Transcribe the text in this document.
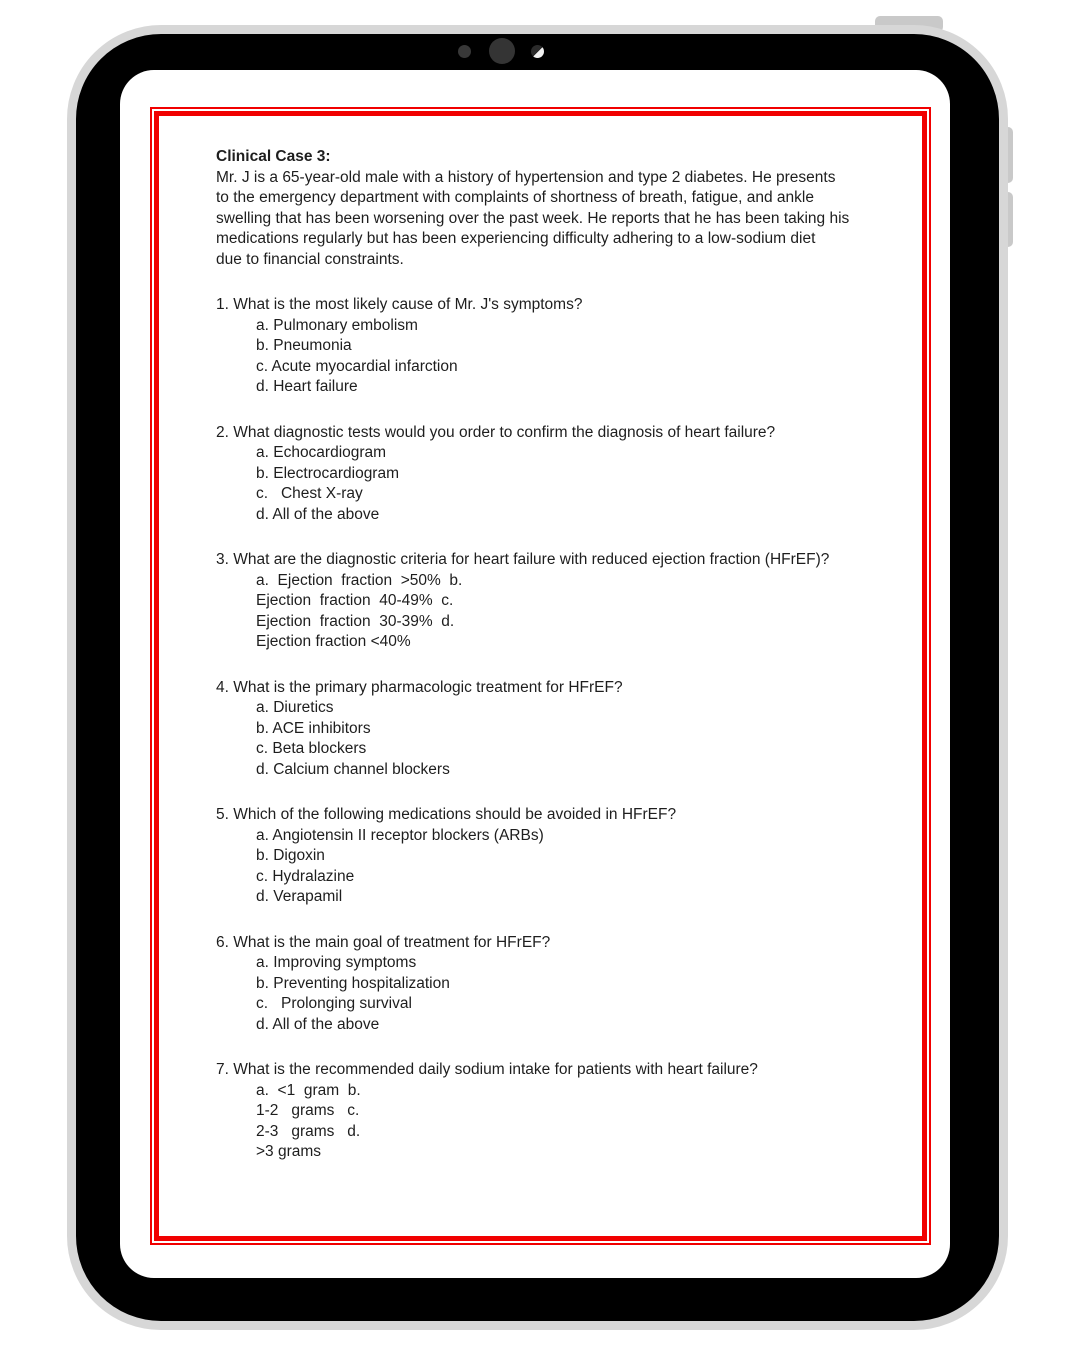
Clinical Case 3:
Mr. J is a 65-year-old male with a history of hypertension and type 2 diabetes. He presents
to the emergency department with complaints of shortness of breath, fatigue, and ankle
swelling that has been worsening over the past week. He reports that he has been taking his
medications regularly but has been experiencing difficulty adhering to a low-sodium diet
due to financial constraints.
1. What is the most likely cause of Mr. J's symptoms?
a. Pulmonary embolism
b. Pneumonia
c. Acute myocardial infarction
d. Heart failure
2. What diagnostic tests would you order to confirm the diagnosis of heart failure?
a. Echocardiogram
b. Electrocardiogram
c.   Chest X-ray
d. All of the above
3. What are the diagnostic criteria for heart failure with reduced ejection fraction (HFrEF)?
a.  Ejection  fraction  >50%  b.
Ejection  fraction  40-49%  c.
Ejection  fraction  30-39%  d.
Ejection fraction <40%
4. What is the primary pharmacologic treatment for HFrEF?
a. Diuretics
b. ACE inhibitors
c. Beta blockers
d. Calcium channel blockers
5. Which of the following medications should be avoided in HFrEF?
a. Angiotensin II receptor blockers (ARBs)
b. Digoxin
c. Hydralazine
d. Verapamil
6. What is the main goal of treatment for HFrEF?
a. Improving symptoms
b. Preventing hospitalization
c.   Prolonging survival
d. All of the above
7. What is the recommended daily sodium intake for patients with heart failure?
a.  <1  gram  b.
1-2   grams   c.
2-3   grams   d.
>3 grams
